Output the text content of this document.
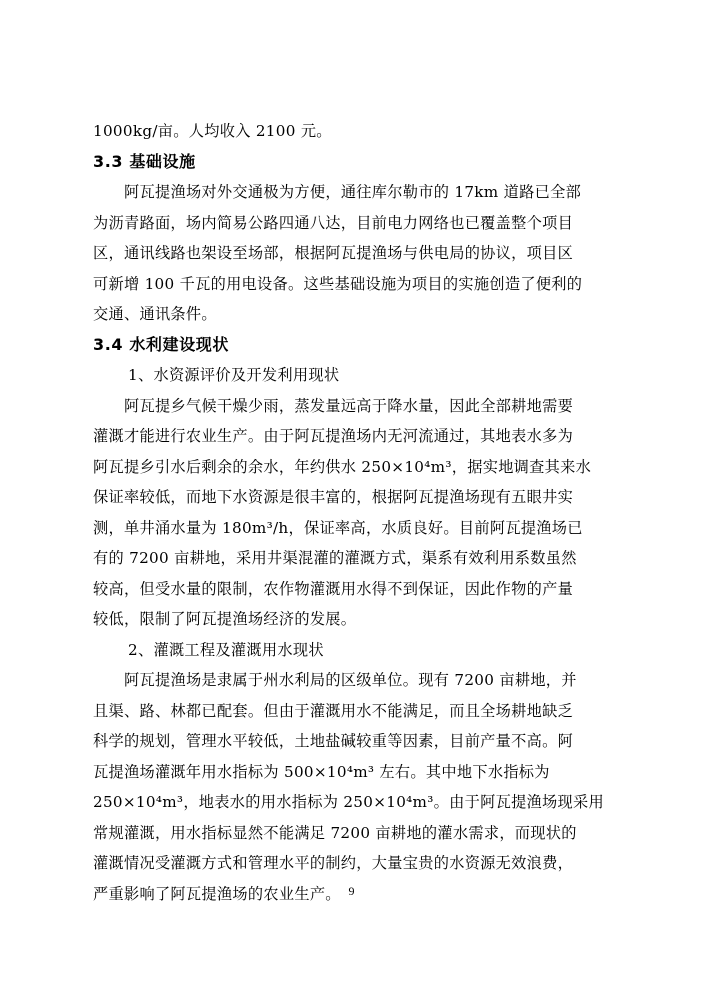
1000kg/亩。人均收入 2100 元。
3.3 基础设施
阿瓦提渔场对外交通极为方便，通往库尔勒市的 17km 道路已全部
为沥青路面，场内简易公路四通八达，目前电力网络也已覆盖整个项目
区，通讯线路也架设至场部，根据阿瓦提渔场与供电局的协议，项目区
可新增 100 千瓦的用电设备。这些基础设施为项目的实施创造了便利的
交通、通讯条件。
3.4 水利建设现状
1、水资源评价及开发利用现状
阿瓦提乡气候干燥少雨，蒸发量远高于降水量，因此全部耕地需要
灌溉才能进行农业生产。由于阿瓦提渔场内无河流通过，其地表水多为
阿瓦提乡引水后剩余的余水，年约供水 250×10⁴m³，据实地调查其来水
保证率较低，而地下水资源是很丰富的，根据阿瓦提渔场现有五眼井实
测，单井涌水量为 180m³/h，保证率高，水质良好。目前阿瓦提渔场已
有的 7200 亩耕地，采用井渠混灌的灌溉方式，渠系有效利用系数虽然
较高，但受水量的限制，农作物灌溉用水得不到保证，因此作物的产量
较低，限制了阿瓦提渔场经济的发展。
2、灌溉工程及灌溉用水现状
阿瓦提渔场是隶属于州水利局的区级单位。现有 7200 亩耕地，并
且渠、路、林都已配套。但由于灌溉用水不能满足，而且全场耕地缺乏
科学的规划，管理水平较低，土地盐碱较重等因素，目前产量不高。阿
瓦提渔场灌溉年用水指标为 500×10⁴m³ 左右。其中地下水指标为
250×10⁴m³，地表水的用水指标为 250×10⁴m³。由于阿瓦提渔场现采用
常规灌溉，用水指标显然不能满足 7200 亩耕地的灌水需求，而现状的
灌溉情况受灌溉方式和管理水平的制约，大量宝贵的水资源无效浪费，
严重影响了阿瓦提渔场的农业生产。 9
